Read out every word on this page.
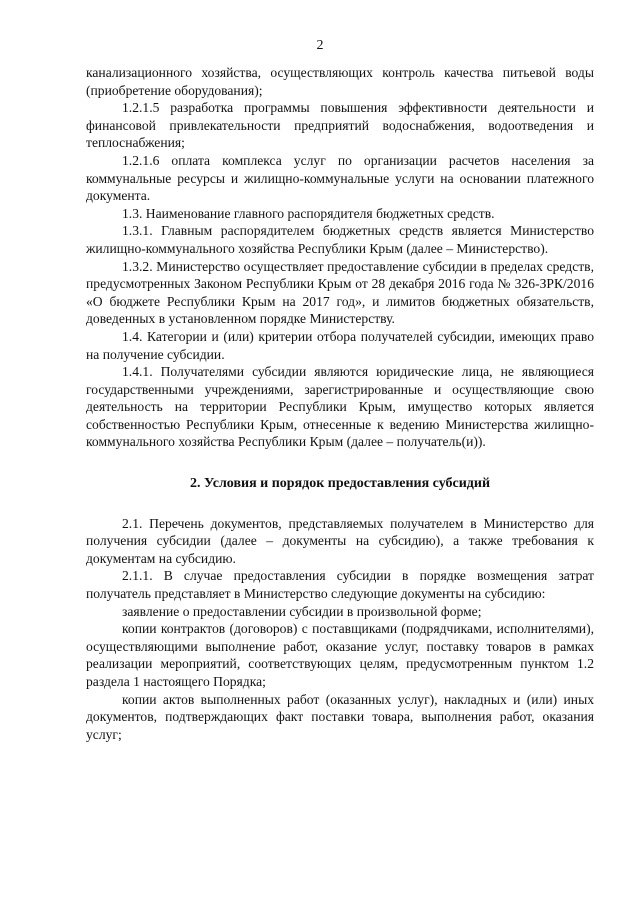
2

канализационного хозяйства, осуществляющих контроль качества питьевой воды (приобретение оборудования);

1.2.1.5 разработка программы повышения эффективности деятельности и финансовой привлекательности предприятий водоснабжения, водоотведения и теплоснабжения;

1.2.1.6 оплата комплекса услуг по организации расчетов населения за коммунальные ресурсы и жилищно-коммунальные услуги на основании платежного документа.

1.3. Наименование главного распорядителя бюджетных средств.

1.3.1. Главным распорядителем бюджетных средств является Министерство жилищно-коммунального хозяйства Республики Крым (далее – Министерство).

1.3.2. Министерство осуществляет предоставление субсидии в пределах средств, предусмотренных Законом Республики Крым от 28 декабря 2016 года № 326-ЗРК/2016 «О бюджете Республики Крым на 2017 год», и лимитов бюджетных обязательств, доведенных в установленном порядке Министерству.

1.4. Категории и (или) критерии отбора получателей субсидии, имеющих право на получение субсидии.

1.4.1. Получателями субсидии являются юридические лица, не являющиеся государственными учреждениями, зарегистрированные и осуществляющие свою деятельность на территории Республики Крым, имущество которых является собственностью Республики Крым, отнесенные к ведению Министерства жилищно-коммунального хозяйства Республики Крым (далее – получатель(и)).

2. Условия и порядок предоставления субсидий

2.1. Перечень документов, представляемых получателем в Министерство для получения субсидии (далее – документы на субсидию), а также требования к документам на субсидию.

2.1.1. В случае предоставления субсидии в порядке возмещения затрат получатель представляет в Министерство следующие документы на субсидию:

заявление о предоставлении субсидии в произвольной форме;

копии контрактов (договоров) с поставщиками (подрядчиками, исполнителями), осуществляющими выполнение работ, оказание услуг, поставку товаров в рамках реализации мероприятий, соответствующих целям, предусмотренным пунктом 1.2 раздела 1 настоящего Порядка;

копии актов выполненных работ (оказанных услуг), накладных и (или) иных документов, подтверждающих факт поставки товара, выполнения работ, оказания услуг;
